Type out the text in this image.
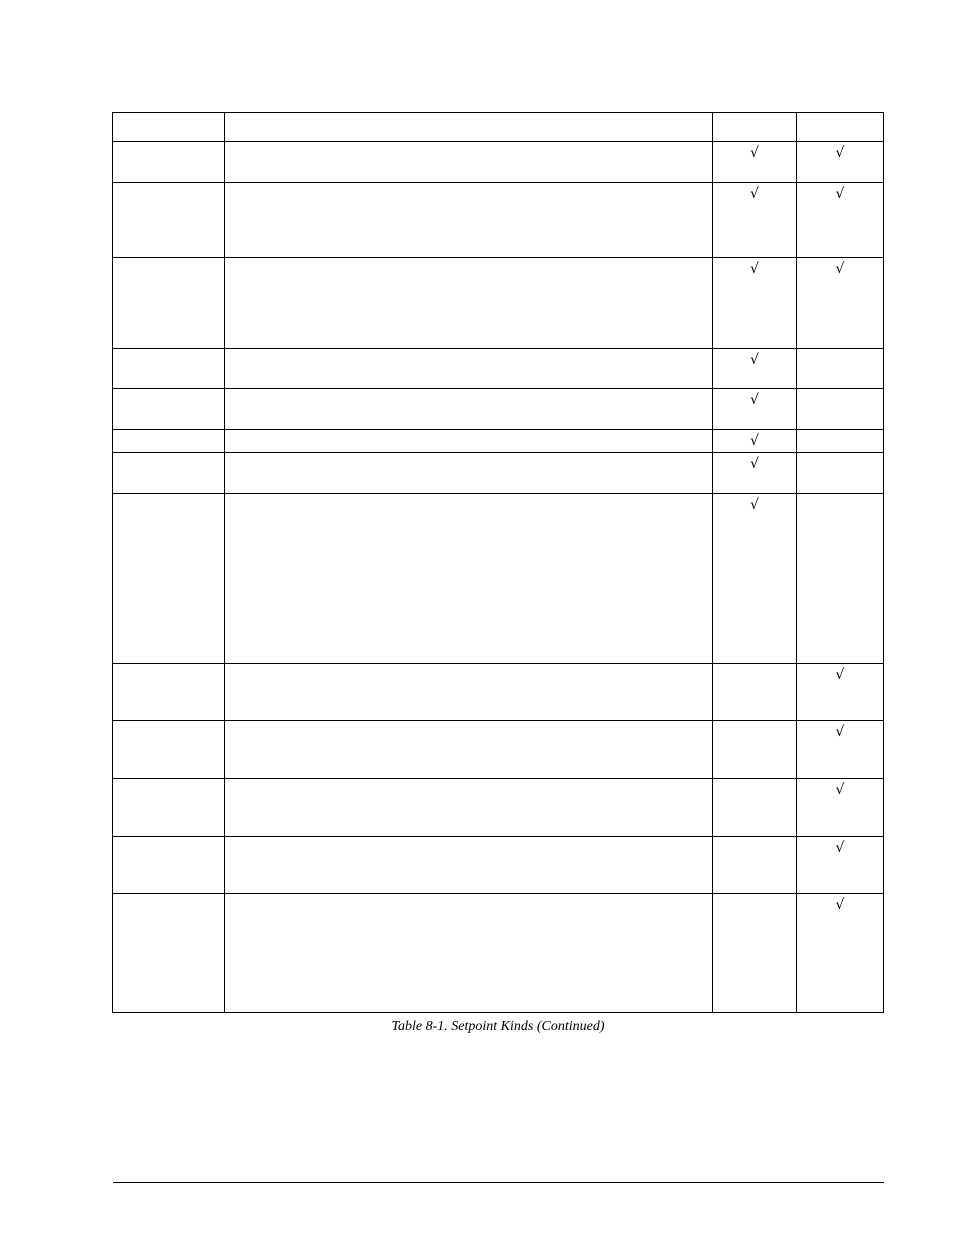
		√	√
		√	√
		√	√
		√	
		√	
		√	
		√	
		√	
			√
			√
			√
			√
			√
Table 8-1. Setpoint Kinds (Continued)
